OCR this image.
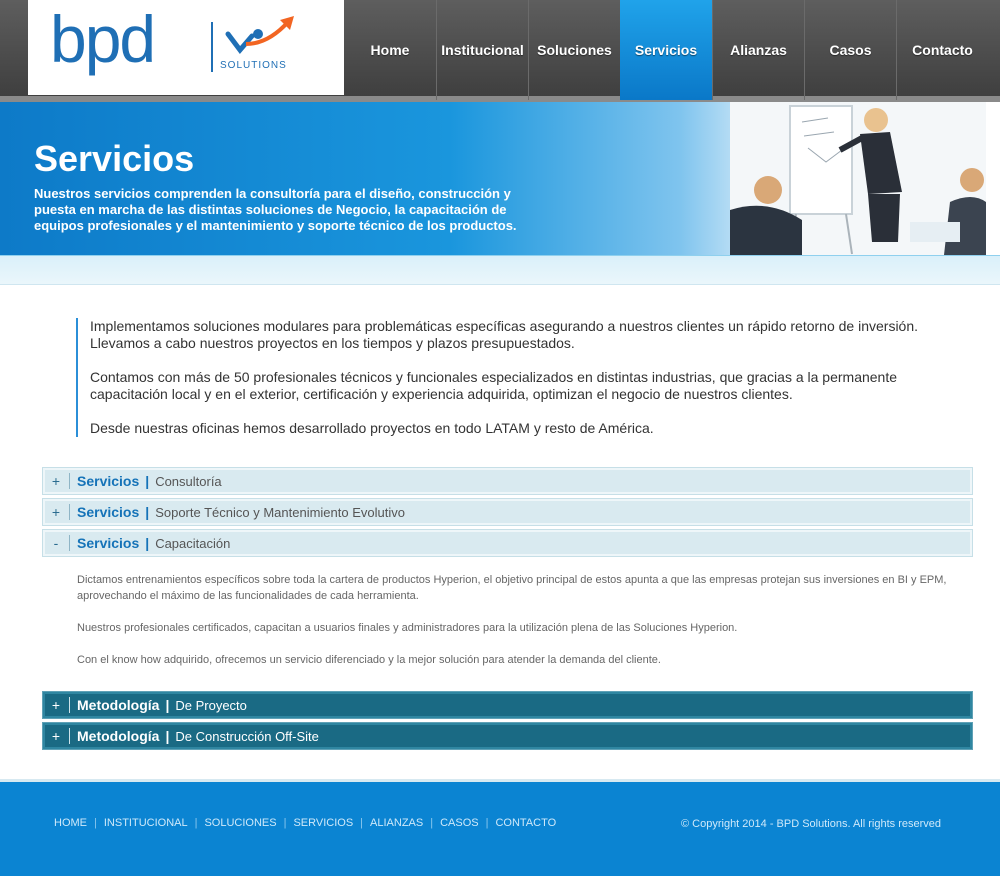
bpd	SOLUTIONS
Home	Institucional Soluciones	Servicios	Alianzas	Casos	Contacto
Servicios

Nuestros servicios comprenden la consultoría para el diseño, construcción y puesta en marcha de las distintas soluciones de Negocio, la capacitación de equipos profesionales y el mantenimiento y soporte técnico de los productos.

Implementamos soluciones modulares para problemáticas específicas asegurando a nuestros clientes un rápido retorno de inversión. Llevamos a cabo nuestros proyectos en los tiempos y plazos presupuestados.

Contamos con más de 50 profesionales técnicos y funcionales especializados en distintas industrias, que gracias a la permanente capacitación local y en el exterior, certificación y experiencia adquirida, optimizan el negocio de nuestros clientes.

Desde nuestras oficinas hemos desarrollado proyectos en todo LATAM y resto de América.

+	Servicios | Consultoría
+	Servicios | Soporte Técnico y Mantenimiento Evolutivo
-	Servicios | Capacitación

Dictamos entrenamientos específicos sobre toda la cartera de productos Hyperion, el objetivo principal de estos apunta a que las empresas protejan sus inversiones en BI y EPM, aprovechando el máximo de las funcionalidades de cada herramienta.

Nuestros profesionales certificados, capacitan a usuarios finales y administradores para la utilización plena de las Soluciones Hyperion.

Con el know how adquirido, ofrecemos un servicio diferenciado y la mejor solución para atender la demanda del cliente.

+	Metodología | De Proyecto
+	Metodología | De Construcción Off-Site
HOME | INSTITUCIONAL | SOLUCIONES | SERVICIOS | ALIANZAS | CASOS | CONTACTO	© Copyright 2014 - BPD Solutions. All rights reserved
